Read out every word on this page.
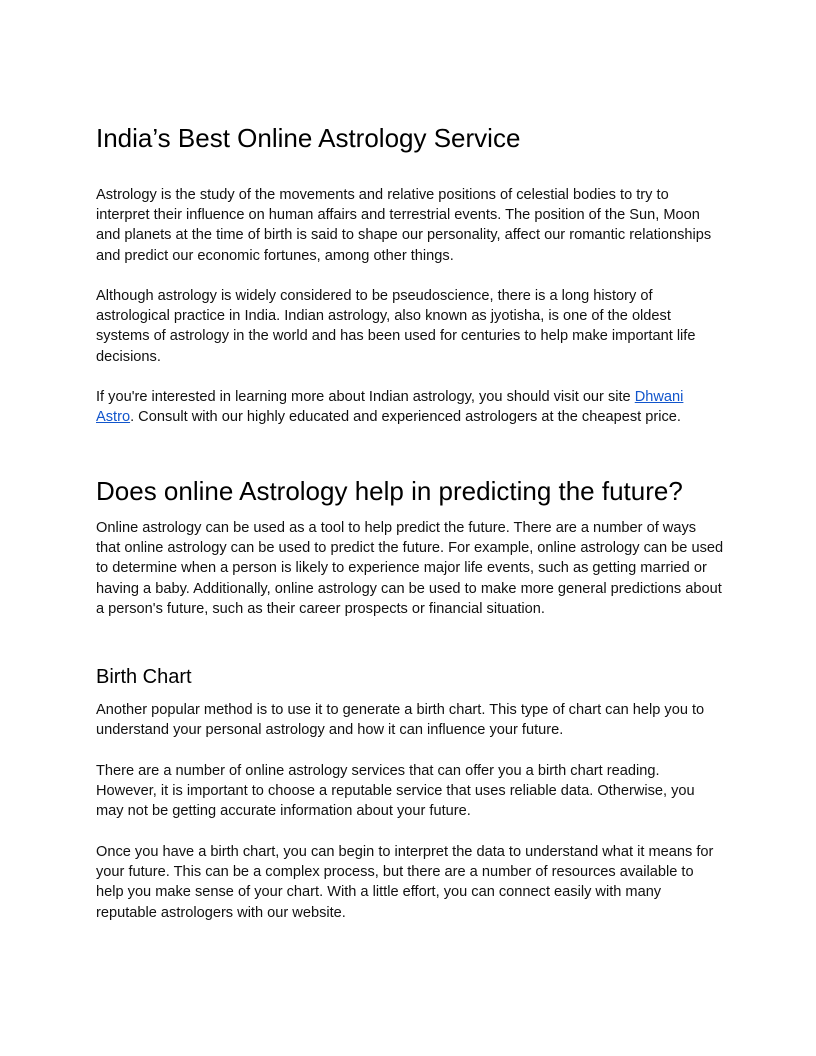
India’s Best Online Astrology Service

Astrology is the study of the movements and relative positions of celestial bodies to try to interpret their influence on human affairs and terrestrial events. The position of the Sun, Moon and planets at the time of birth is said to shape our personality, affect our romantic relationships and predict our economic fortunes, among other things.

Although astrology is widely considered to be pseudoscience, there is a long history of astrological practice in India. Indian astrology, also known as jyotisha, is one of the oldest systems of astrology in the world and has been used for centuries to help make important life decisions.

If you're interested in learning more about Indian astrology, you should visit our site Dhwani Astro. Consult with our highly educated and experienced astrologers at the cheapest price.

Does online Astrology help in predicting the future?

Online astrology can be used as a tool to help predict the future. There are a number of ways that online astrology can be used to predict the future. For example, online astrology can be used to determine when a person is likely to experience major life events, such as getting married or having a baby. Additionally, online astrology can be used to make more general predictions about a person's future, such as their career prospects or financial situation.

Birth Chart

Another popular method is to use it to generate a birth chart. This type of chart can help you to understand your personal astrology and how it can influence your future.

There are a number of online astrology services that can offer you a birth chart reading. However, it is important to choose a reputable service that uses reliable data. Otherwise, you may not be getting accurate information about your future.

Once you have a birth chart, you can begin to interpret the data to understand what it means for your future. This can be a complex process, but there are a number of resources available to help you make sense of your chart. With a little effort, you can connect easily with many reputable astrologers with our website.
